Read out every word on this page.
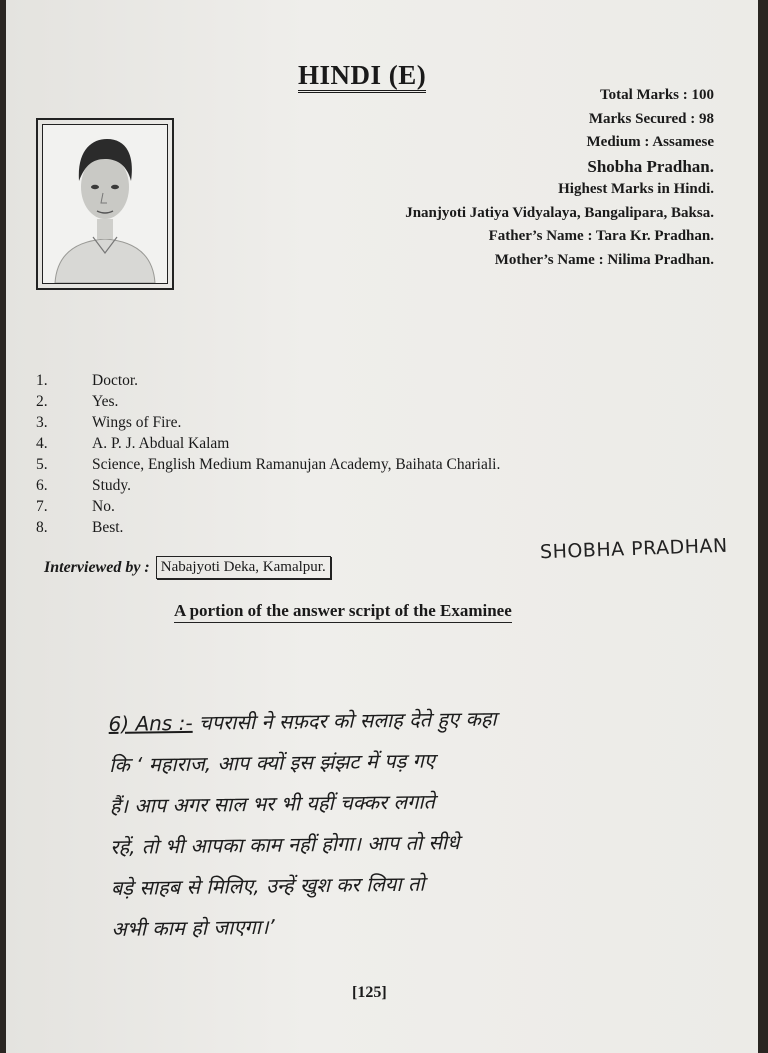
HINDI (E)
Total Marks : 100
Marks Secured : 98
Medium : Assamese
Shobha Pradhan.
Highest Marks in Hindi.
Jnanjyoti Jatiya Vidyalaya, Bangalipara, Baksa.
Father’s Name : Tara Kr. Pradhan.
Mother’s Name : Nilima Pradhan.
1.	Doctor.
2.	Yes.
3.	Wings of Fire.
4.	A. P. J. Abdual Kalam
5.	Science, English Medium Ramanujan Academy, Baihata Chariali.
6.	Study.
7.	No.
8.	Best.
Interviewed by : Nabajyoti Deka, Kamalpur.
SHOBHA PRADHAN
A portion of the answer script of the Examinee
6) Ans :- चपरासी ने सफ़दर को सलाह देते हुए कहा
कि ‘ महाराज, आप क्यों इस झंझट में पड़ गए
हैं। आप अगर साल भर भी यहीं चक्कर लगाते
रहें, तो भी आपका काम नहीं होगा। आप तो सीधे
बड़े साहब से मिलिए, उन्हें खुश कर लिया तो
अभी काम हो जाएगा।’
[125]
